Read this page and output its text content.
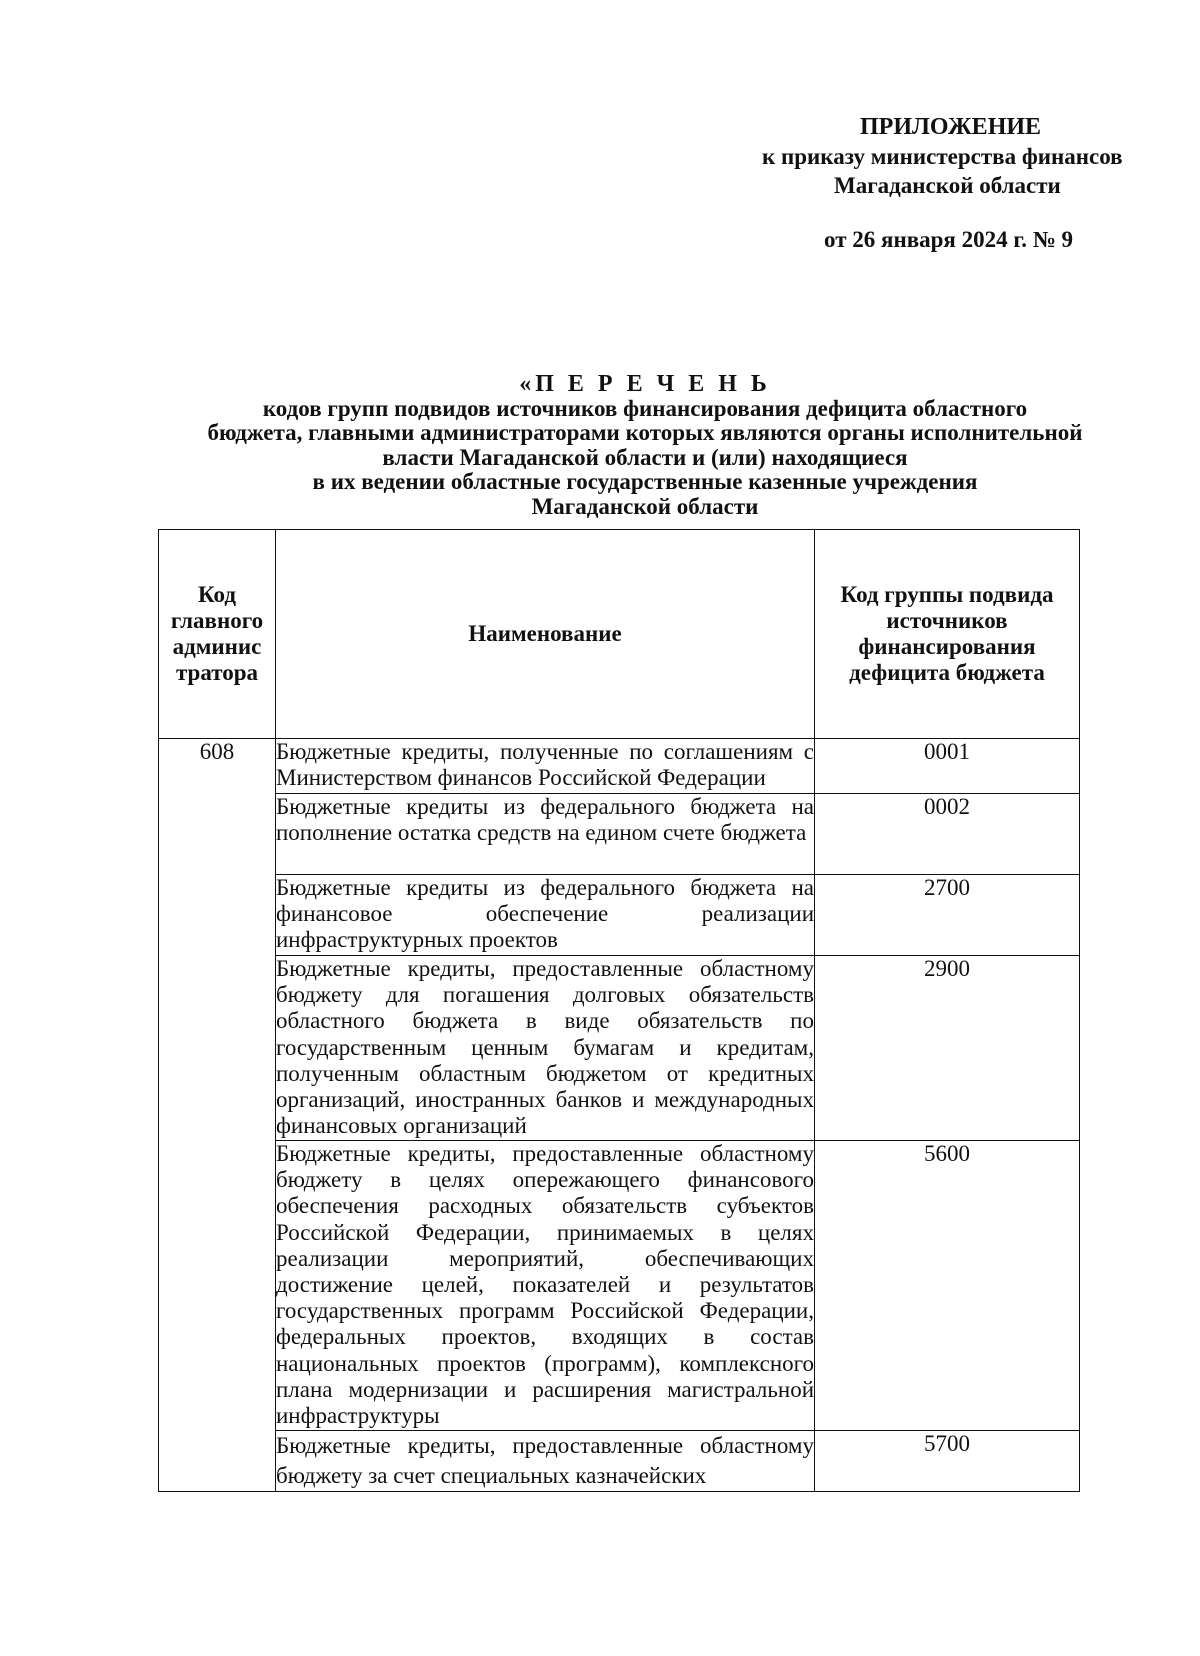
ПРИЛОЖЕНИЕ
к приказу министерства финансов
Магаданской области
от 26 января 2024 г. № 9
«П Е Р Е Ч Е Н Ь
кодов групп подвидов источников финансирования дефицита областного
бюджета, главными администраторами которых являются органы исполнительной
власти Магаданской области и (или) находящиеся
в их ведении областные государственные казенные учреждения
Магаданской области
Код главного админис тратора	Наименование	Код группы подвида источников финансирования дефицита бюджета

608	Бюджетные кредиты, полученные по соглашениям с Министерством финансов Российской Федерации	0001
	Бюджетные кредиты из федерального бюджета на пополнение остатка средств на едином счете бюджета	0002
	Бюджетные кредиты из федерального бюджета на финансовое обеспечение реализации инфраструктурных проектов	2700
	Бюджетные кредиты, предоставленные областному бюджету для погашения долговых обязательств областного бюджета в виде обязательств по государственным ценным бумагам и кредитам, полученным областным бюджетом от кредитных организаций, иностранных банков и международных финансовых организаций	2900
	Бюджетные кредиты, предоставленные областному бюджету в целях опережающего финансового обеспечения расходных обязательств субъектов Российской Федерации, принимаемых в целях реализации мероприятий, обеспечивающих достижение целей, показателей и результатов государственных программ Российской Федерации, федеральных проектов, входящих в состав национальных проектов (программ), комплексного плана модернизации и расширения магистральной инфраструктуры	5600
	Бюджетные кредиты, предоставленные областному бюджету за счет специальных казначейских	5700
